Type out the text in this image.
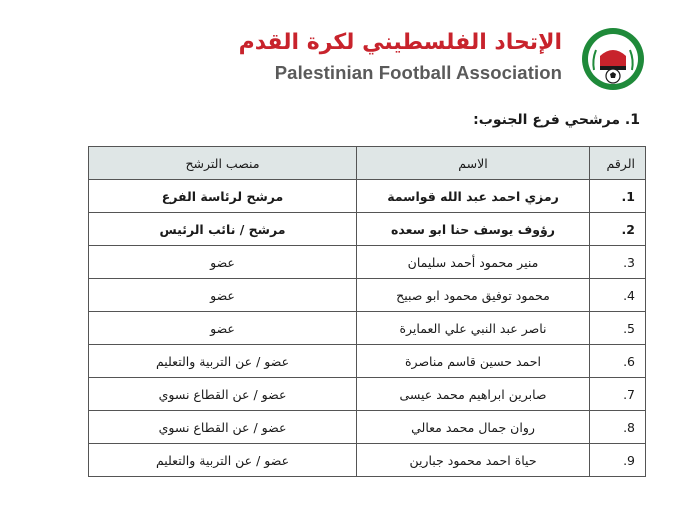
الإتحاد الفلسطيني لكرة القدم
Palestinian Football Association
1. مرشحي فرع الجنوب:
الرقم	الاسم	منصب الترشح
1.	رمزي احمد عبد الله قواسمة	مرشح لرئاسة الفرع
2.	رؤوف يوسف حنا ابو سعده	مرشح / نائب الرئيس
3.	منير محمود أحمد سليمان	عضو
4.	محمود توفيق محمود ابو صبيح	عضو
5.	ناصر عبد النبي علي العمايرة	عضو
6.	احمد حسين قاسم مناصرة	عضو / عن التربية والتعليم
7.	صابرين ابراهيم محمد عيسى	عضو / عن القطاع نسوي
8.	روان جمال محمد معالي	عضو / عن القطاع نسوي
9.	حياة احمد محمود جبارين	عضو / عن التربية والتعليم
